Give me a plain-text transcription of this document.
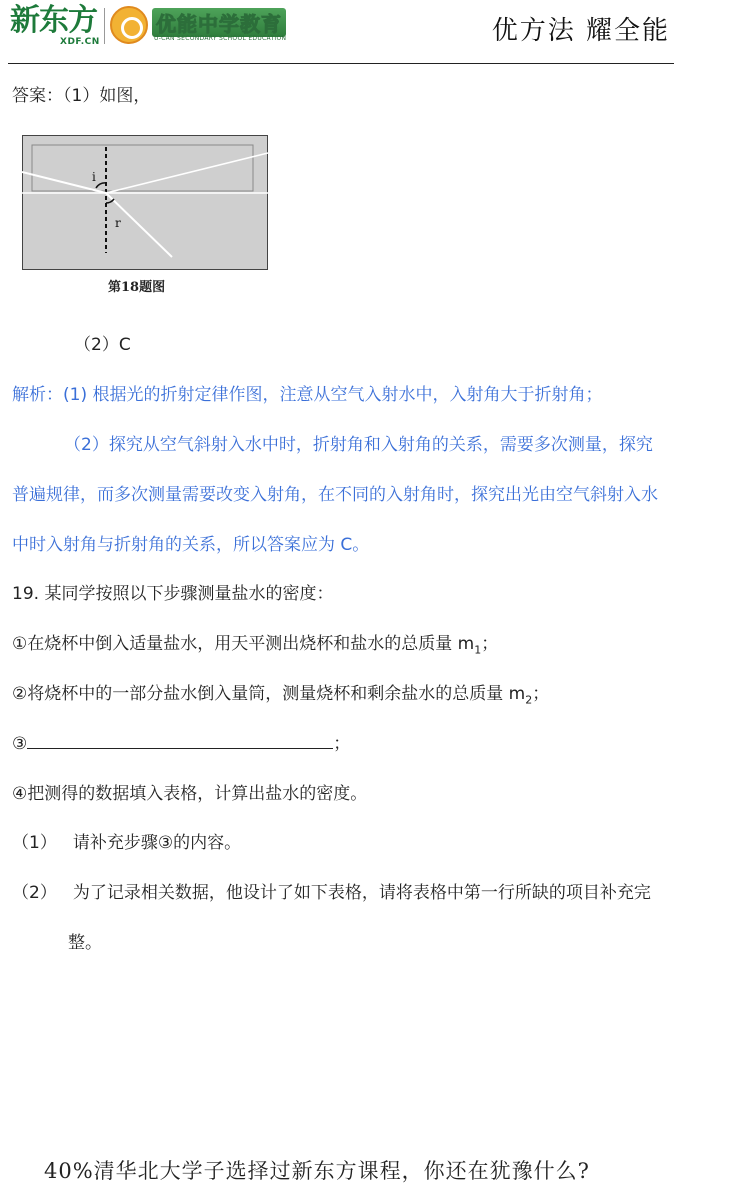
新东方
XDF.CN
优能中学教育
U-CAN SECONDARY SCHOOL EDUCATION	优方法 耀全能
答案：（1）如图，
i
r
第18题图
（2）C
解析：(1) 根据光的折射定律作图，注意从空气入射水中，入射角大于折射角；
（2）探究从空气斜射入水中时，折射角和入射角的关系，需要多次测量，探究
普遍规律，而多次测量需要改变入射角，在不同的入射角时，探究出光由空气斜射入水
中时入射角与折射角的关系，所以答案应为 C。
19. 某同学按照以下步骤测量盐水的密度：
①在烧杯中倒入适量盐水，用天平测出烧杯和盐水的总质量 $m_1$；
②将烧杯中的一部分盐水倒入量筒，测量烧杯和剩余盐水的总质量 $m_2$；
③	；
④把测得的数据填入表格，计算出盐水的密度。
（1） 请补充步骤③的内容。
（2） 为了记录相关数据，他设计了如下表格，请将表格中第一行所缺的项目补充完
整。
40%清华北大学子选择过新东方课程，你还在犹豫什么?
